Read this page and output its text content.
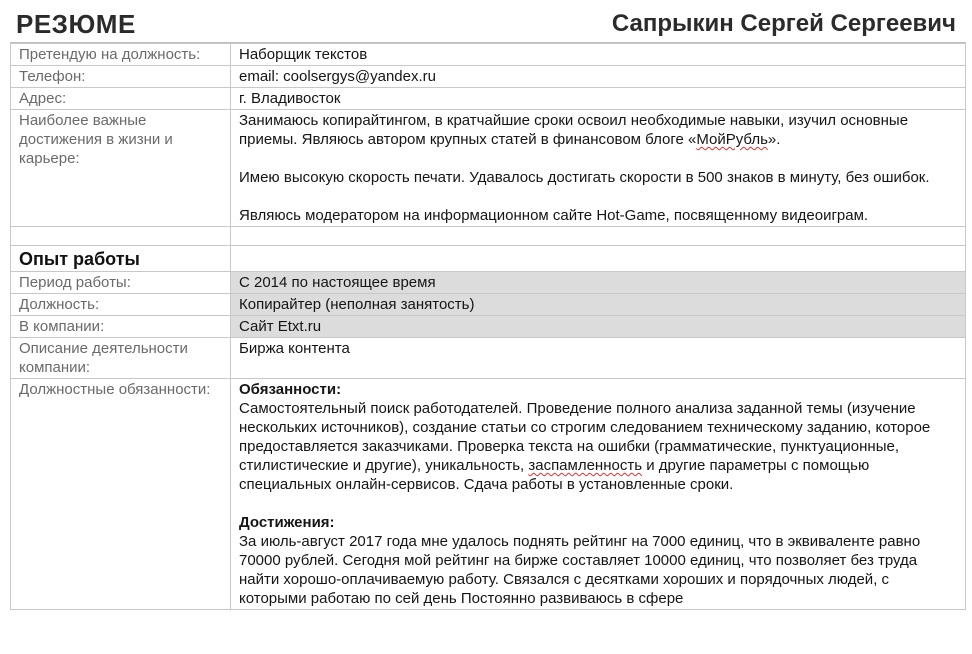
РЕЗЮМЕ	Сапрыкин Сергей Сергеевич
Претендую на должность:	Наборщик текстов
Телефон:	email: coolsergys@yandex.ru
Адрес:	г. Владивосток
Наиболее важные достижения в жизни и карьере:	Занимаюсь копирайтингом, в кратчайшие сроки освоил необходимые навыки, изучил основные приемы. Являюсь автором крупных статей в финансовом блоге «МойРубль».

Имею высокую скорость печати. Удавалось достигать скорости в 500 знаков в минуту, без ошибок.

Являюсь модератором на информационном сайте Hot-Game, посвященному видеоиграм.

Опыт работы	
Период работы:	С 2014 по настоящее время
Должность:	Копирайтер (неполная занятость)
В компании:	Сайт Etxt.ru
Описание деятельности компании:	Биржа контента
Должностные обязанности:	Обязанности:

Самостоятельный поиск работодателей. Проведение полного анализа заданной темы (изучение нескольких источников), создание статьи со строгим следованием техническому заданию, которое предоставляется заказчиками. Проверка текста на ошибки (грамматические, пунктуационные, стилистические и другие), уникальность, заспамленность и другие параметры с помощью специальных онлайн-сервисов. Сдача работы в установленные сроки.

Достижения:

За июль-август 2017 года мне удалось поднять рейтинг на 7000 единиц, что в эквиваленте равно 70000 рублей. Сегодня мой рейтинг на бирже составляет 10000 единиц, что позволяет без труда найти хорошо-оплачиваемую работу. Связался с десятками хороших и порядочных людей, с которыми работаю по сей день Постоянно развиваюсь в сфере
